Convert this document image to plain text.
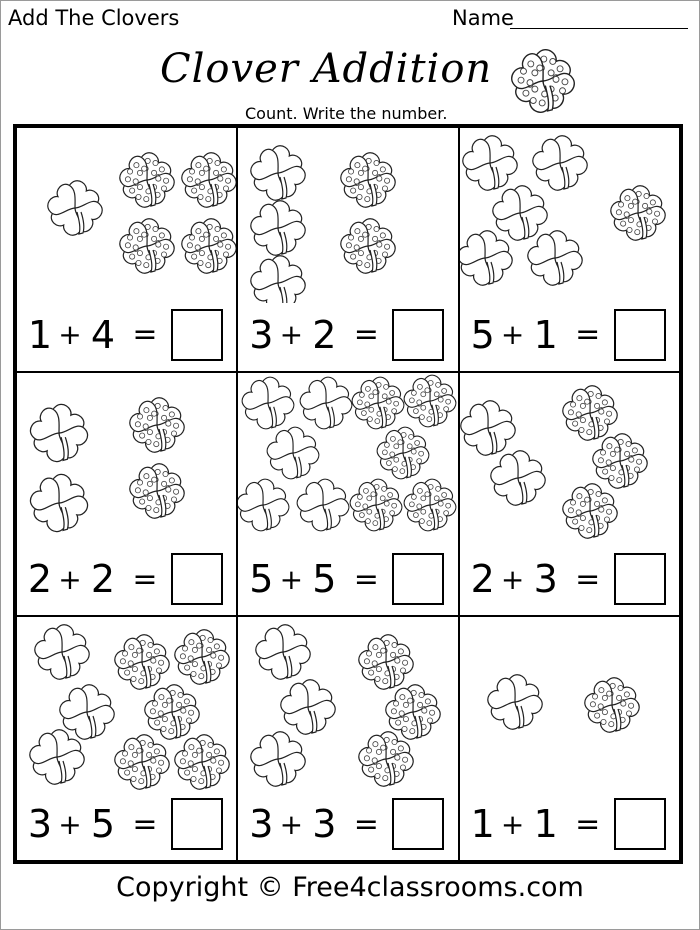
Add The Clovers	Name
Clover Addition
Count. Write the number.
1 + 4 = 3 + 2 = 5 + 1 =
2 + 2 = 5 + 5 = 2 + 3 =
3 + 5 = 3 + 3 = 1 + 1 =
Copyright © Free4classrooms.com
